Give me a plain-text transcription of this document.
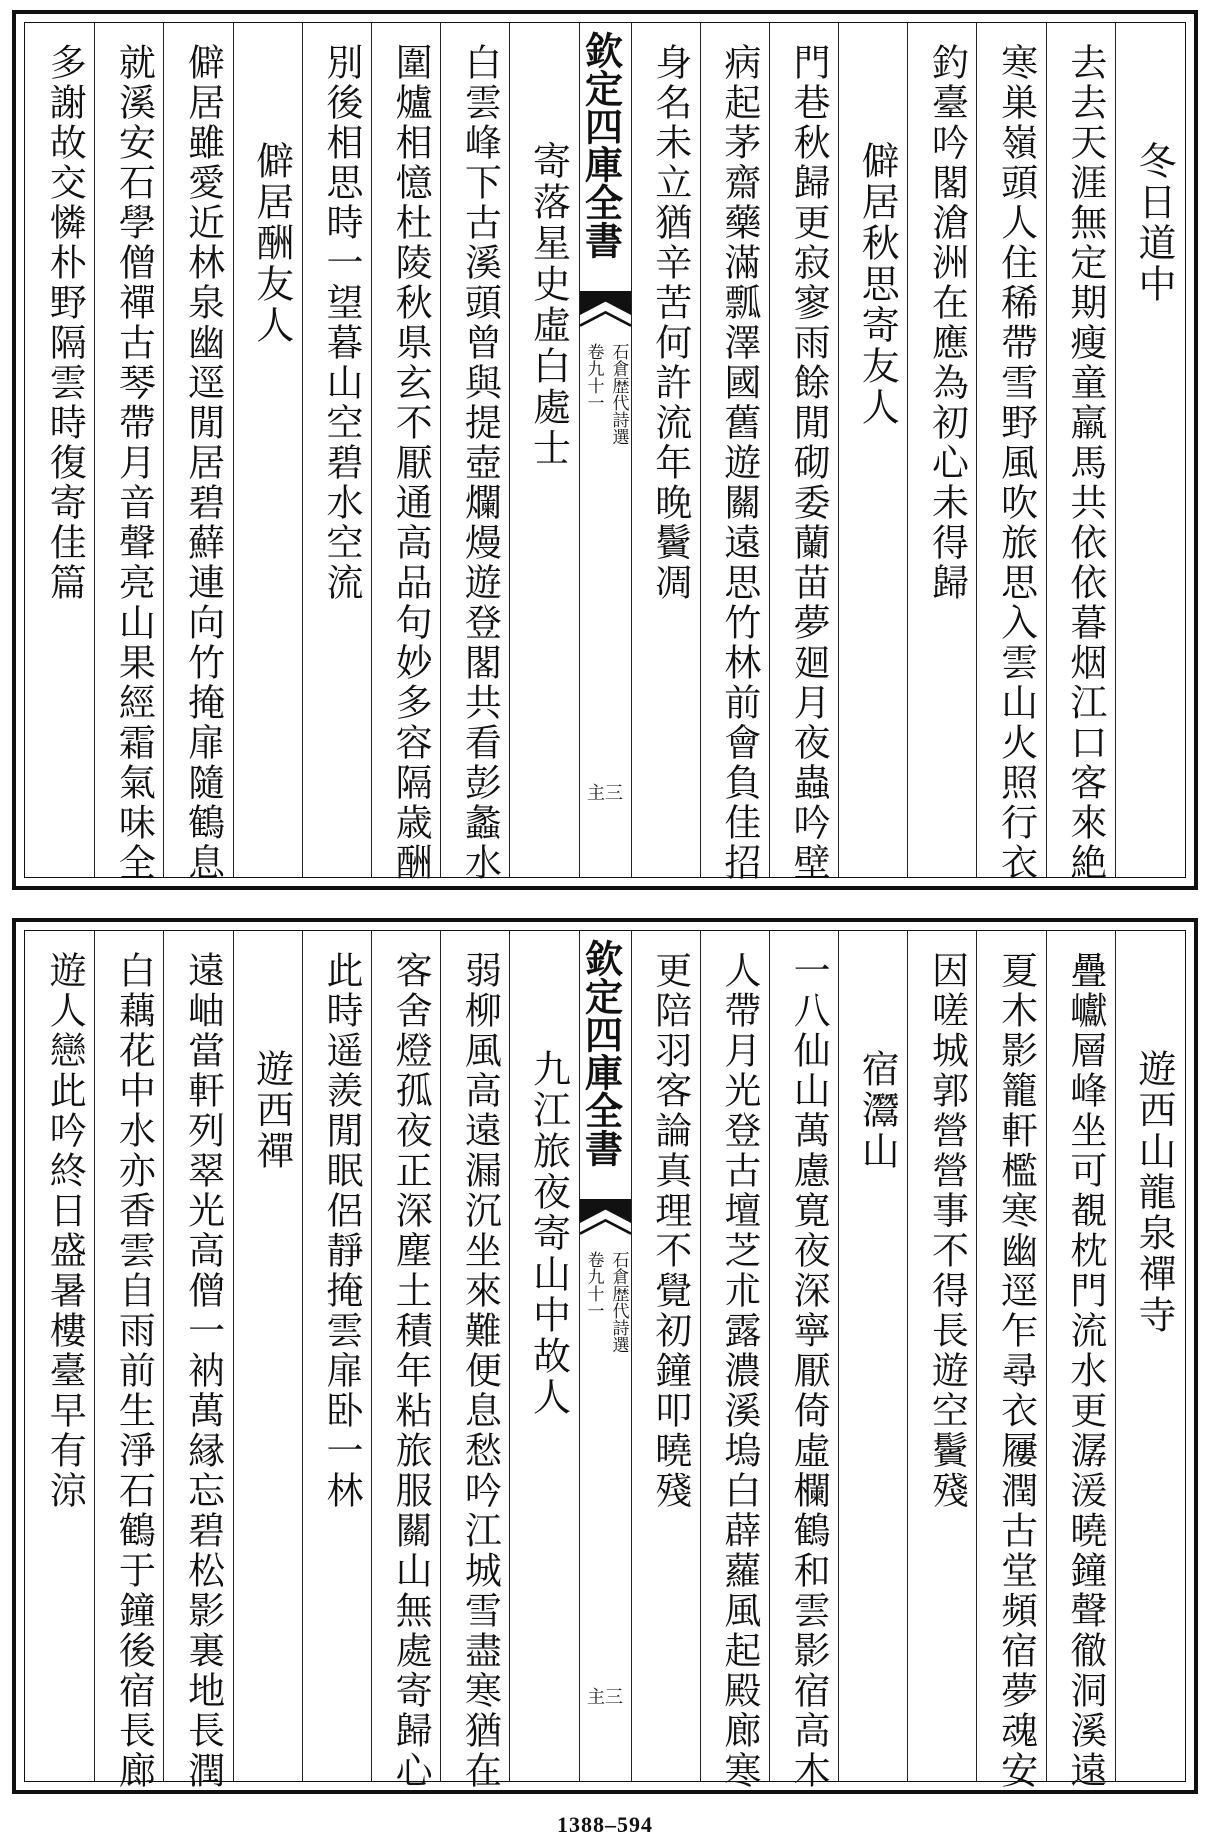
冬日道中
去去天涯無定期瘦童羸馬共依依暮烟江口客來絶
寒巣嶺頭人住稀帶雪野風吹旅思入雲山火照行衣
釣臺吟閣滄洲在應為初心未得歸
僻居秋思寄友人
門巷秋歸更寂寥雨餘閒砌委蘭苗夢廻月夜蟲吟壁
病起茅齋藥滿瓢澤國舊遊關遠思竹林前會負佳招
身名未立猶辛苦何許流年晚鬢凋
欽定四庫全書
石倉歴代詩選
卷九十一
主三
寄落星史虛白處士
白雲峰下古溪頭曾與提壺爛熳遊登閣共看彭蠡水
圍爐相憶杜陵秋県玄不厭通高品句妙多容隔歳酬
別後相思時一望暮山空碧水空流
僻居酬友人
僻居雖愛近林泉幽逕閒居碧蘚連向竹掩扉隨鶴息
就溪安石學僧禪古琴帶月音聲亮山果經霜氣味全
多謝故交憐朴野隔雲時復寄佳篇
遊西山龍泉禪寺
疊巘層峰坐可覩枕門流水更潺湲曉鐘聲徹洞溪遠
夏木影籠軒檻寒幽逕乍尋衣屨潤古堂頻宿夢魂安
因嗟城郭營營事不得長遊空鬢殘
宿灊山
一八仙山萬慮寛夜深寧厭倚虛欄鶴和雲影宿高木
人帶月光登古壇芝朮露濃溪塢白薜蘿風起殿廊寒
更陪羽客論真理不覺初鐘叩曉殘
欽定四庫全書
石倉歴代詩選
卷九十一
主三
九江旅夜寄山中故人
弱柳風高遠漏沉坐來難便息愁吟江城雪盡寒猶在
客舍燈孤夜正深塵土積年粘旅服關山無處寄歸心
此時遥羨閒眠侶靜掩雲扉卧一林
遊西禪
遠岫當軒列翠光高僧一衲萬縁忘碧松影裏地長潤
白藕花中水亦香雲自雨前生淨石鶴于鐘後宿長廊
遊人戀此吟終日盛暑樓臺早有涼
1388–594
